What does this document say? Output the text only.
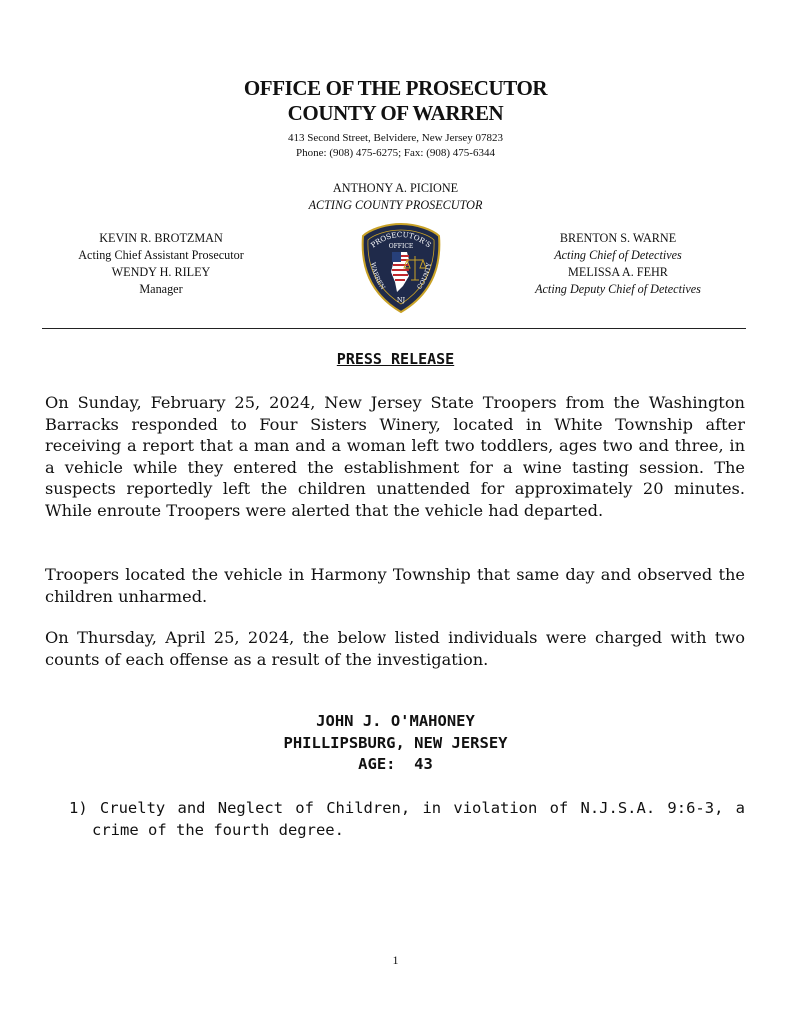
OFFICE OF THE PROSECUTOR
COUNTY OF WARREN
413 Second Street, Belvidere, New Jersey 07823
Phone: (908) 475-6275; Fax: (908) 475-6344
ANTHONY A. PICIONE
ACTING COUNTY PROSECUTOR
KEVIN R. BROTZMAN
Acting Chief Assistant Prosecutor
WENDY H. RILEY
Manager
BRENTON S. WARNE
Acting Chief of Detectives
MELISSA A. FEHR
Acting Deputy Chief of Detectives
PROSECUTOR'S
OFFICE
WARREN	COUNTY
NJ
PRESS RELEASE
On Sunday, February 25, 2024, New Jersey State Troopers from the Washington Barracks responded to Four Sisters Winery, located in White Township after receiving a report that a man and a woman left two toddlers, ages two and three, in a vehicle while they entered the establishment for a wine tasting session. The suspects reportedly left the children unattended for approximately 20 minutes. While enroute Troopers were alerted that the vehicle had departed.
Troopers located the vehicle in Harmony Township that same day and observed the children unharmed.
On Thursday, April 25, 2024, the below listed individuals were charged with two counts of each offense as a result of the investigation.
JOHN J. O'MAHONEY
PHILLIPSBURG, NEW JERSEY
AGE: 43
1) Cruelty and Neglect of Children, in violation of N.J.S.A. 9:6-3, a crime of the fourth degree.
1
